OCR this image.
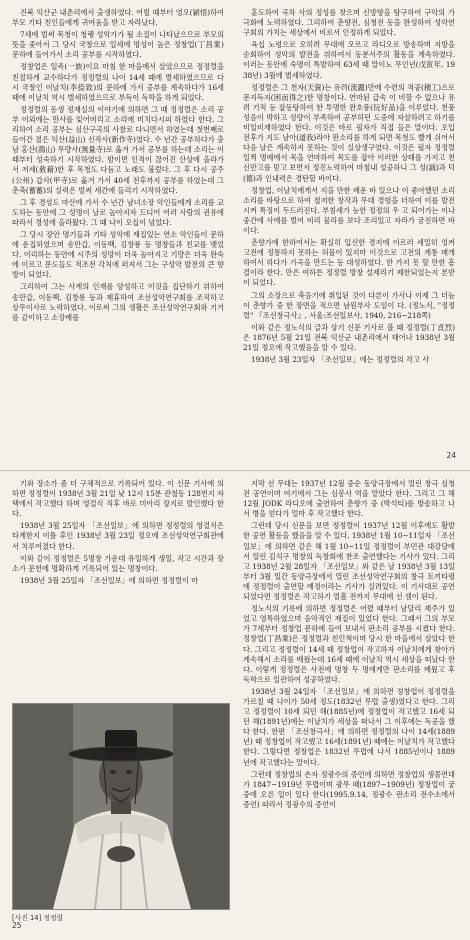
진북 익산군 내촌리에서 출생하였다. 어릴 때부터 영오(穎悟)하여 부모 기타 친인들에게 귀여움을 받고 자라났다.

7세에 벌써 목청이 청랭 성악가가 될 소질이 나타났으므로 부모의 뜻을 좇아서 그 당시 국창으로 일세에 명성이 높은 정창업(丁昌業) 문하에 들어가서 소리 공부를 시작하였다.

정창업은 일족(一族)이요 마침 한 마을에서 살았으므로 정정렬을 친절하게 교수하다가 정정렬의 나이 14세 때에 별세하였으므로 다시 국창인 이날치(李捺致)의 문하에 가서 공부를 계속하다가 16세 때에 이날치 역시 별세하였으므로 부득이 독학을 하게 되었다.

정정렬의 동생 정재실의 이야기에 의하면 그 때 정정렬은 소리 공부 이외에는 만사를 잊어버리고 소리에 미치다시피 하였다 한다. 그리하여 소리 공부는 심산구곡의 사찰로 다니면서 하였는데 첫번째로 들어간 절은 익산(益山) 신작사(新作寺)였다. 수 년간 공부하다가 충남 홍산(鴻山) 무량사(無量寺)로 옮겨 가서 공부를 하는데 소리는 이 때부터 성숙하기 시작하였다. 밤이면 인적이 끊어진 산상에 올라가서 저세(敎藉)한 후 목청도 다듬고 노래도 불렀다. 그 후 다시 공주(公州) 갑사(甲寺)로 옮겨 가서 40세 전후까지 공부를 하였는데 그 춘축(蓄蓄)의 실력은 벌써 세간에 들리기 시작하였다.

그 후 경성도 마산에 가서 수 년간 남녀소장 악인들에게 소리를 교도하는 동안에 그 성명이 날로 높아지자 드디어 여러 사람의 권유에 따라서 경성에 올라왔다. 그 때 나이 오십이 넘었다.

그 당시 장안 명기들과 기타 성악에 재질있는 연소 악인들이 문하에 운집하였으며 송만갑, 이동백, 김창룡 등 명창들과 친교를 맺었다. 이리하는 동안에 시주의 성망이 더욱 높아지고 기량은 더욱 완숙에 이르고 문도들도 적조전 각처에 퍼져서 그는 구성악 발전의 큰 향방이 되었다.

그리하여 그는 사계의 인재를 양성하고 이것을 집단하기 위하여 송만갑, 이동백, 김창룡 등과 제휴하여 조선성악연구회를 조직하고 상무이사로 노력하였다. 이로써 그의 생활은 조선성악연구회와 기거를 같이하고 소장배를

훈도하여 곡차 사의 정성를 찾으며 신방향을 탐구하여 구악의 가극화에 노력하였다. 그리하여 춘향전, 심청전 등을 완성하여 성악연구회의 가치는 세상에서 비로서 인정하게 되었다.

육십 노령으로 오히려 무대에 오르고 라디오로 방송하며 지방을 순회하여 성악의 발전을 위하여서 동분서주의 활동을 계속하였다. 이러는 동안에 숙명이 특발하여 63세 때 말이노 무인년(戊寅年, 1938년) 3월에 별세하였다.

정정렬은 그 천자(天資)는 유려(流麗)만에 수련의 적공(積工)으로 문지득지(困而得之)한 명창이다. 연마된 급속 이 비할 수 없으나 유려 기적 등 잡동탕하여 한 투명한 완호풍(玩好品)을 이루었다. 천풍 성음이 박하고 성량이 부족하여 공부하던 도중에 자살하려고 하기를 비일비재하였다 한다. 이것은 바로 필자가 직접 들은 말이다. 오입 전후가 지도 남아(道我)라아 판소리를 하게 되면 목청도 빨게 쉬어서 다음 날은 계속하지 못하는 것이 실상생구였다. 이것은 필자 정정렬 일찍 명예에서 목을 연마하여 목도를 잡아 이러한 상태를 가지고 천신만고를 믿고 보면서 정진노력하여 마침내 성공하니 그 성(誠)과 덕(德)과 인내력은 경탄할 바이다.

정창업, 이날치에게서 지을 만한 배운 바 있으나 이 좋아했던 소리 소리를 바탕으로 하여 철저한 창작과 무대 경험을 더하여 이를 발전시켜 특징이 두드러진다. 부침세가 능한 정정의 우 고 되어가는 이나 중간에 사에를 벌여 비리 물리를 보다 조리있고 자라가 궁진하면 바이다.

춘향가에 한하여서는 확실히 입신한 경지에 이르러 세밀히 엉켜 고전에 정통하지 못하는 허물이 있지마 이것으로 고전의 계통 매개하여서 하다가 가곡을 만드는 등 대성하였다. 한 가지 못 할 만한 흠결이라 한다. 만은 여하튼 정정렬 방창 설제라기 제한되었는지 본받이 되었다.

그의 소장으로 축음기에 취입된 것이 다른이 가사나 이제 그 더늠이 춘향가 중 한 장면을 적으면 남원부사 도임이 다. (정노식, "정정렬" 『조선창극사』, 서울:조선일보사, 1940, 216∼218쪽)

이와 같은 정노식의 글과 상기 신문 기사로 볼 때 정정렬(丁貞烈)은 1876년 5월 21일 전북 익산군 내촌리에서 태어나 1938년 3월 21일 정오에 작고했음을 알 수 있다.

1938년 3월 23일자 「조선일보」에는 정정렬의 작고 사

24

기와 장소가 좀 더 구체적으로 기록되어 있다. 이 신문 기사에 의하면 정정렬이 1938년 3월 21일 낮 12시 15분 관철동 128번지 자택에서 작고했다 하며 영결식 직후 바로 미아리 장지로 발인했다 한다.

1938년 3월 25일자 「조선일보」에 의하면 정정렬의 영결식은 타계한지 이틀 후인 1938년 3월 23일 정오에 조선성악연구회관에서 치루어졌다 한다.

이와 같이 정정렬은 5명창 가운데 유일하게 생일, 작고 시간과 장소가 문헌에 명확하게 기록되어 있는 명창이다.

1938년 3월 25일자 「조선일보」에 의하면 정정렬이 마

[사진 14] 정정렬

지막 선 무대는 1937년 12월 중순 동양극장에서 열린 창극 심청전 공연이며 여기에서 그는 심봉사 역을 맡았다 한다. 그리고 그 해 12월 JODK 라디오에 출연하여 춘향가 중 (박석티)를 방송하고 나서 병을 얻다가 얼마 후 작고했다 한다.

그런데 당시 신문을 보면 정정렬이 1937년 12월 이후에도 활발한 공연 활동을 했음을 알 수 있다. 1938년 1월 10∼11일자 「조선일보」에 의하면 같은 해 1월 10∼11일 정정렬이 부민관 대강당에서 열린 김석구 명창의 독창회에 찬조 출연했다는 기사가 있다. 그리고 1938년 2월 28일자 「조선일보」와 같은 날 1938년 3월 13일부터 3월 일간 동양극장에서 열린 조선성악연구회의 창극 토끼타령에 정정렬이 출연할 예정이라는 기사가 실려있다. 이 기사대로 공연되었다면 정정렬은 작고하기 열흘 전까지 무대에 선 셈이 된다.

정노식의 기록에 의하면 정정렬은 어렸 때부터 남달리 재주가 있었고 영특하였으며 음악적인 재질이 있었다 한다. 그래서 그의 부모가 7세부터 정창업 문하에 들여 보내서 판소리 공부를 시켰다 한다. 정창업(丁昌業)은 정정렬과 친인척이며 당시 한 마을에서 살았다 한다. 그리고 정정렬이 14세 때 정창업이 작고하자 이날치에게 찾아가 계속해서 소리를 배웠는데 16세 때에 이날치 역시 세상을 떠났다 한다. 이렇게 정정렬은 사전에 명창 두 명에게만 판소리를 배웠고 후 독학으로 일관하여 성공하였다.

1938년 3월 24일자 「조선일보」에 의하면 정창업이 정정렬을 가르칠 때 나이가 50세 정도(1832년 무렵 출생)였다고 한다. 그리고 정정렬이 10세 되던 해(1885년)에 정창업이 작고했고 16세 되던 해(1891년)에는 이날치가 세상을 떠나서 그 이후에는 독공을 했다 한다. 한편 「조선창극사」에 의하면 정정렬의 나이 14세(1889년) 때 정창업이 작고했고 16세(1891년) 때에는 이날치가 작고했다 한다. 그렇다면 정창업은 1832년 무렵에 나서 1885년이나 1889년에 작고했다는 말이다.

그런데 정창업의 손자 정광수의 증언에 의하면 정창업의 생몰연대가 1847∼1919년 무렵이며 광무 때(1897∼1909년) 정창업이 궁중에 오른 일이 있다 한다(1995.9.14, 정광수 판소리 전수소에서 증언) 따라서 정광수의 증언이

25
